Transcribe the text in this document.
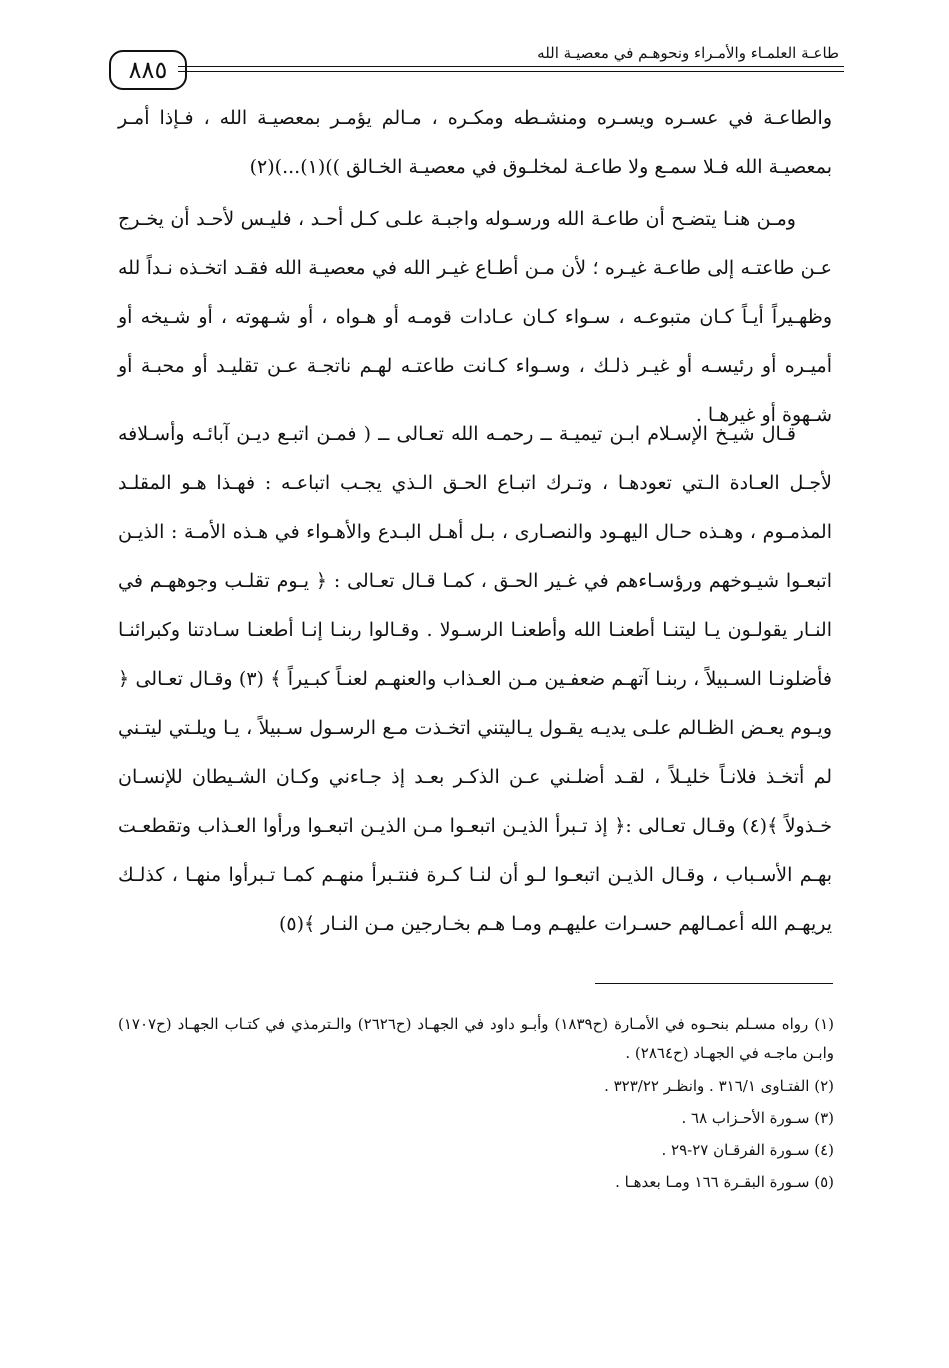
طاعـة العلمـاء والأمـراء ونحوهـم في معصيـة الله
٨٨٥

والطاعـة في عسـره ويسـره ومنشـطه ومكـره ، مـالم يؤمـر بمعصيـة الله ، فـإذا أمـر بمعصيـة الله فـلا سمـع ولا طاعـة لمخلـوق في معصيـة الخـالق ))(١)...)(٢)

ومـن هنـا يتضـح أن طاعـة الله ورسـوله واجبـة علـى كـل أحـد ، فليـس لأحـد أن يخـرج عـن طاعتـه إلى طاعـة غيـره ؛ لأن مـن أطـاع غيـر الله في معصيـة الله فقـد اتخـذه نـداً لله وظهـيراً أيـاً كـان متبوعـه ، سـواء كـان عـادات قومـه أو هـواه ، أو شـهوته ، أو شـيخه أو أميـره أو رئيسـه أو غيـر ذلـك ، وسـواء كـانت طاعتـه لهـم ناتجـة عـن تقليـد أو محبـة أو شـهوة أو غيرهـا .

قـال شيـخ الإسـلام ابـن تيميـة ــ رحمـه الله تعـالى ــ ( فمـن اتبـع ديـن آبائـه وأسـلافه لأجـل العـادة الـتي تعودهـا ، وتـرك اتبـاع الحـق الـذي يجـب اتباعـه : فهـذا هـو المقلـد المذمـوم ، وهـذه حـال اليهـود والنصـارى ، بـل أهـل البـدع والأهـواء في هـذه الأمـة : الذيـن اتبعـوا شيـوخهم ورؤسـاءهم في غـير الحـق ، كمـا قـال تعـالى : ﴿ يـوم تقلـب وجوههـم في النـار يقولـون يـا ليتنـا أطعنـا الله وأطعنـا الرسـولا . وقـالوا ربنـا إنـا أطعنـا سـادتنا وكبرائنـا فأضلونـا السـبيلاً ، ربنـا آتهـم ضعفـين مـن العـذاب والعنهـم لعنـاً كبـيراً ﴾ (٣) وقـال تعـالى ﴿ ويـوم يعـض الظـالم علـى يديـه يقـول يـاليتني اتخـذت مـع الرسـول سـبيلاً ، يـا ويلـتي ليتـني لم أتخـذ فلانـاً خليـلاً ، لقـد أضلـني عـن الذكـر بعـد إذ جـاءني وكـان الشـيطان للإنسـان خـذولاً ﴾(٤) وقـال تعـالى :﴿ إذ تـبرأ الذيـن اتبعـوا مـن الذيـن اتبعـوا ورأوا العـذاب وتقطعـت بهـم الأسـباب ، وقـال الذيـن اتبعـوا لـو أن لنـا كـرة فنتـبرأ منهـم كمـا تـبرأوا منهـا ، كذلـك يريهـم الله أعمـالهم حسـرات عليهـم ومـا هـم بخـارجين مـن النـار ﴾(٥)

(١) رواه مسـلم بنحـوه في الأمـارة (ح١٨٣٩) وأبـو داود في الجهـاد (ح٢٦٢٦) والـترمذي في كتـاب الجهـاد (ح١٧٠٧) وابـن ماجـه في الجهـاد (ح٢٨٦٤) .
(٢) الفتـاوى ٣١٦/١ . وانظـر ٣٢٣/٢٢ .
(٣) سـورة الأحـزاب ٦٨ .
(٤) سـورة الفرقـان ٢٧-٢٩ .
(٥) سـورة البقـرة ١٦٦ ومـا بعدهـا .
